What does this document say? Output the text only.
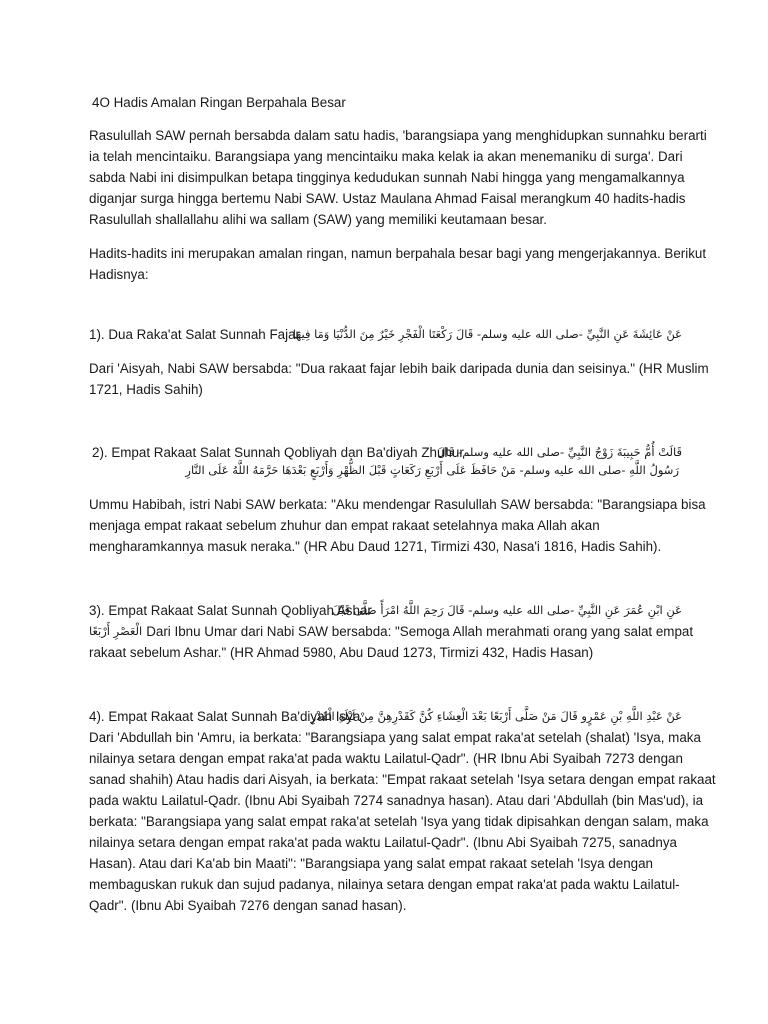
4O Hadis Amalan Ringan Berpahala Besar
Rasulullah SAW pernah bersabda dalam satu hadis, 'barangsiapa yang menghidupkan sunnahku berarti
ia telah mencintaiku. Barangsiapa yang mencintaiku maka kelak ia akan menemaniku di surga'. Dari
sabda Nabi ini disimpulkan betapa tingginya kedudukan sunnah Nabi hingga yang mengamalkannya
diganjar surga hingga bertemu Nabi SAW. Ustaz Maulana Ahmad Faisal merangkum 40 hadits-hadis
Rasulullah shallallahu alihi wa sallam (SAW) yang memiliki keutamaan besar.
Hadits-hadits ini merupakan amalan ringan, namun berpahala besar bagi yang mengerjakannya. Berikut
Hadisnya:
1). Dua Raka'at Salat Sunnah Fajar
عَنْ عَائِشَةَ عَنِ النَّبِيِّ -صلى الله عليه وسلم- قَالَ رَكْعَتَا الْفَجْرِ خَيْرٌ مِنَ الدُّنْيَا وَمَا فِيهَا
Dari 'Aisyah, Nabi SAW bersabda: "Dua rakaat fajar lebih baik daripada dunia dan seisinya." (HR Muslim
1721, Hadis Sahih)
2). Empat Rakaat Salat Sunnah Qobliyah dan Ba'diyah Zhuhur
قَالَتْ أُمُّ حَبِيبَةَ زَوْجُ النَّبِيِّ -صلى الله عليه وسلم- قَالَ
رَسُولُ اللَّهِ -صلى الله عليه وسلم- مَنْ حَافَظَ عَلَى أَرْبَعِ رَكَعَاتٍ قَبْلَ الظُّهْرِ وَأَرْبَعٍ بَعْدَهَا حَرَّمَهُ اللَّهُ عَلَى النَّارِ
Ummu Habibah, istri Nabi SAW berkata: "Aku mendengar Rasulullah SAW bersabda: "Barangsiapa bisa
menjaga empat rakaat sebelum zhuhur dan empat rakaat setelahnya maka Allah akan
mengharamkannya masuk neraka." (HR Abu Daud 1271, Tirmizi 430, Nasa'i 1816, Hadis Sahih).
3). Empat Rakaat Salat Sunnah Qobliyah Ashar
عَنِ ابْنِ عُمَرَ عَنِ النَّبِيِّ -صلى الله عليه وسلم- قَالَ رَحِمَ اللَّهُ امْرَأً صَلَّى قَبْلَ
الْعَصْرِ أَرْبَعًا Dari Ibnu Umar dari Nabi SAW bersabda: "Semoga Allah merahmati orang yang salat empat
rakaat sebelum Ashar." (HR Ahmad 5980, Abu Daud 1273, Tirmizi 432, Hadis Hasan)
4). Empat Rakaat Salat Sunnah Ba'diyah Isya
عَنْ عَبْدِ اللَّهِ بْنِ عَمْرٍو قَالَ مَنْ صَلَّى أَرْبَعًا بَعْدَ الْعِشَاءِ كُنَّ كَقَدْرِهِنَّ مِنْ لَيْلَةِ الْقَدْرِ
Dari 'Abdullah bin 'Amru, ia berkata: "Barangsiapa yang salat empat raka'at setelah (shalat) 'Isya, maka
nilainya setara dengan empat raka'at pada waktu Lailatul-Qadr". (HR Ibnu Abi Syaibah 7273 dengan
sanad shahih) Atau hadis dari Aisyah, ia berkata: "Empat rakaat setelah 'Isya setara dengan empat rakaat
pada waktu Lailatul-Qadr. (Ibnu Abi Syaibah 7274 sanadnya hasan). Atau dari 'Abdullah (bin Mas'ud), ia
berkata: "Barangsiapa yang salat empat raka'at setelah 'Isya yang tidak dipisahkan dengan salam, maka
nilainya setara dengan empat raka'at pada waktu Lailatul-Qadr". (Ibnu Abi Syaibah 7275, sanadnya
Hasan). Atau dari Ka'ab bin Maati": "Barangsiapa yang salat empat rakaat setelah 'Isya dengan
membaguskan rukuk dan sujud padanya, nilainya setara dengan empat raka'at pada waktu Lailatul-
Qadr". (Ibnu Abi Syaibah 7276 dengan sanad hasan).
